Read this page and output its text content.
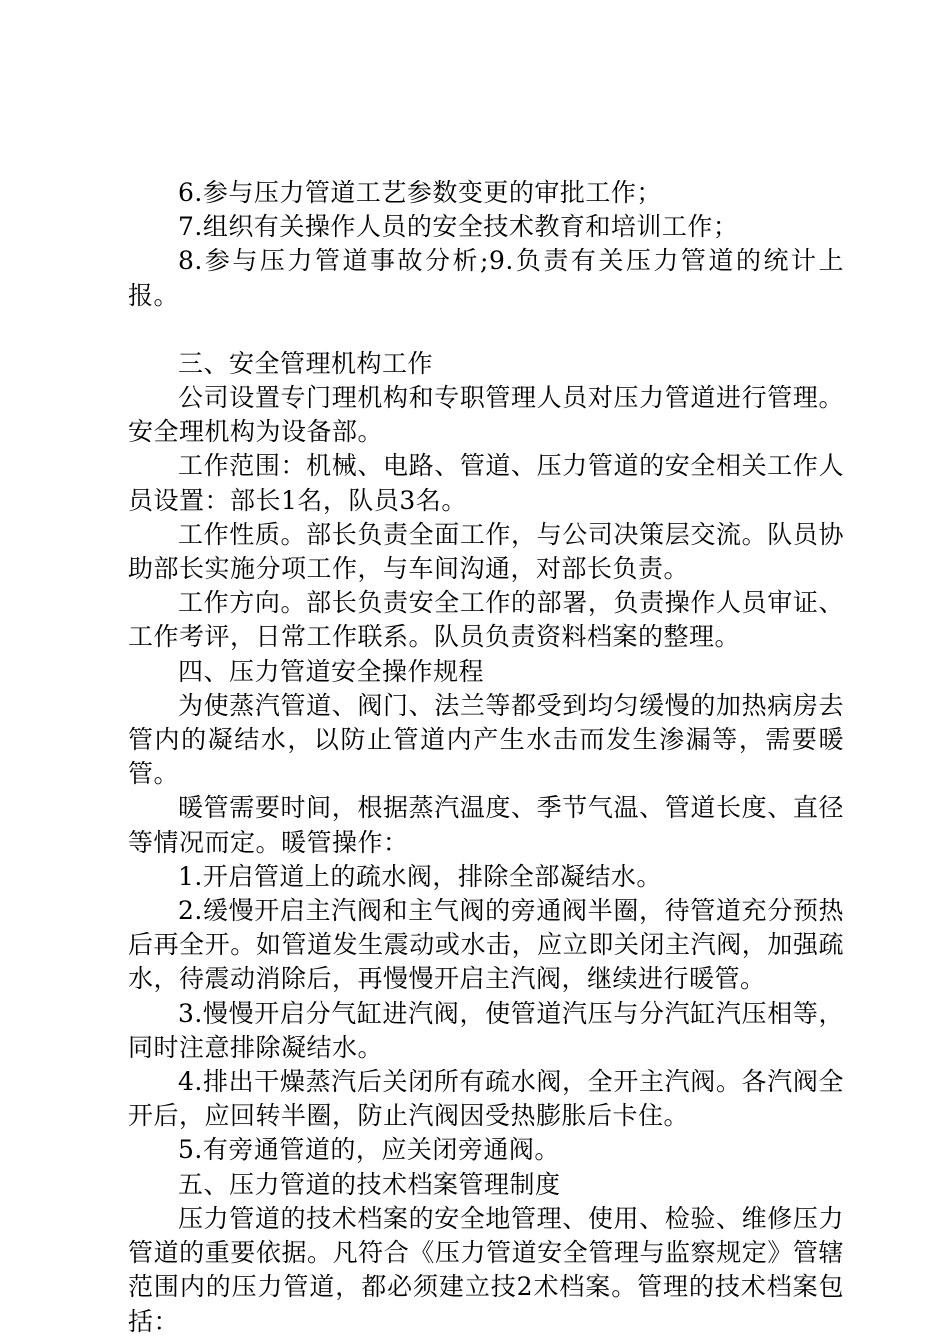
6.参与压力管道工艺参数变更的审批工作；

7.组织有关操作人员的安全技术教育和培训工作；

8.参与压力管道事故分析;9.负责有关压力管道的统计上报。

三、安全管理机构工作

公司设置专门理机构和专职管理人员对压力管道进行管理。安全理机构为设备部。

工作范围：机械、电路、管道、压力管道的安全相关工作人员设置：部长1名，队员3名。

工作性质。部长负责全面工作，与公司决策层交流。队员协助部长实施分项工作，与车间沟通，对部长负责。

工作方向。部长负责安全工作的部署，负责操作人员审证、工作考评，日常工作联系。队员负责资料档案的整理。

四、压力管道安全操作规程

为使蒸汽管道、阀门、法兰等都受到均匀缓慢的加热病房去管内的凝结水，以防止管道内产生水击而发生渗漏等，需要暖管。

暖管需要时间，根据蒸汽温度、季节气温、管道长度、直径等情况而定。暖管操作：

1.开启管道上的疏水阀，排除全部凝结水。

2.缓慢开启主汽阀和主气阀的旁通阀半圈，待管道充分预热后再全开。如管道发生震动或水击，应立即关闭主汽阀，加强疏水，待震动消除后，再慢慢开启主汽阀，继续进行暖管。

3.慢慢开启分气缸进汽阀，使管道汽压与分汽缸汽压相等，同时注意排除凝结水。

4.排出干燥蒸汽后关闭所有疏水阀，全开主汽阀。各汽阀全开后，应回转半圈，防止汽阀因受热膨胀后卡住。

5.有旁通管道的，应关闭旁通阀。

五、压力管道的技术档案管理制度

压力管道的技术档案的安全地管理、使用、检验、维修压力管道的重要依据。凡符合《压力管道安全管理与监察规定》管辖范围内的压力管道，都必须建立技2术档案。管理的技术档案包括：
